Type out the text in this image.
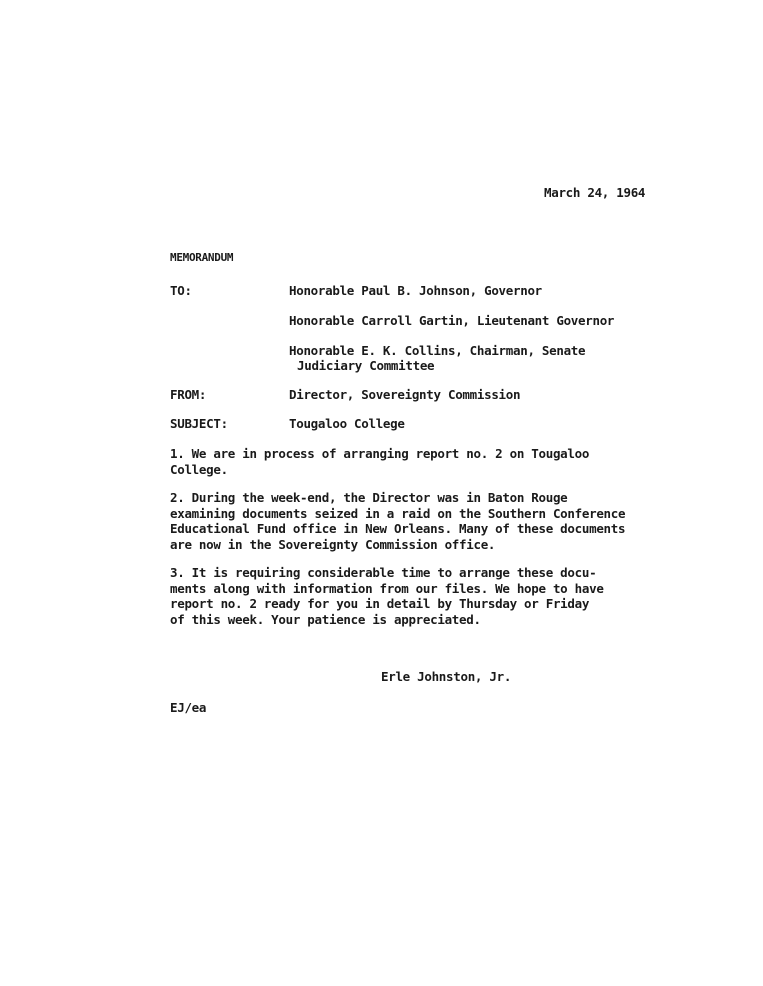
March 24, 1964
MEMORANDUM
TO:	Honorable Paul B. Johnson, Governor
Honorable Carroll Gartin, Lieutenant Governor
Honorable E. K. Collins, Chairman, Senate
Judiciary Committee
FROM:	Director, Sovereignty Commission
SUBJECT:	Tougaloo College
1. We are in process of arranging report no. 2 on Tougaloo
College.
2. During the week-end, the Director was in Baton Rouge
examining documents seized in a raid on the Southern Conference
Educational Fund office in New Orleans. Many of these documents
are now in the Sovereignty Commission office.
3. It is requiring considerable time to arrange these docu-
ments along with information from our files. We hope to have
report no. 2 ready for you in detail by Thursday or Friday
of this week. Your patience is appreciated.
Erle Johnston, Jr.
EJ/ea
